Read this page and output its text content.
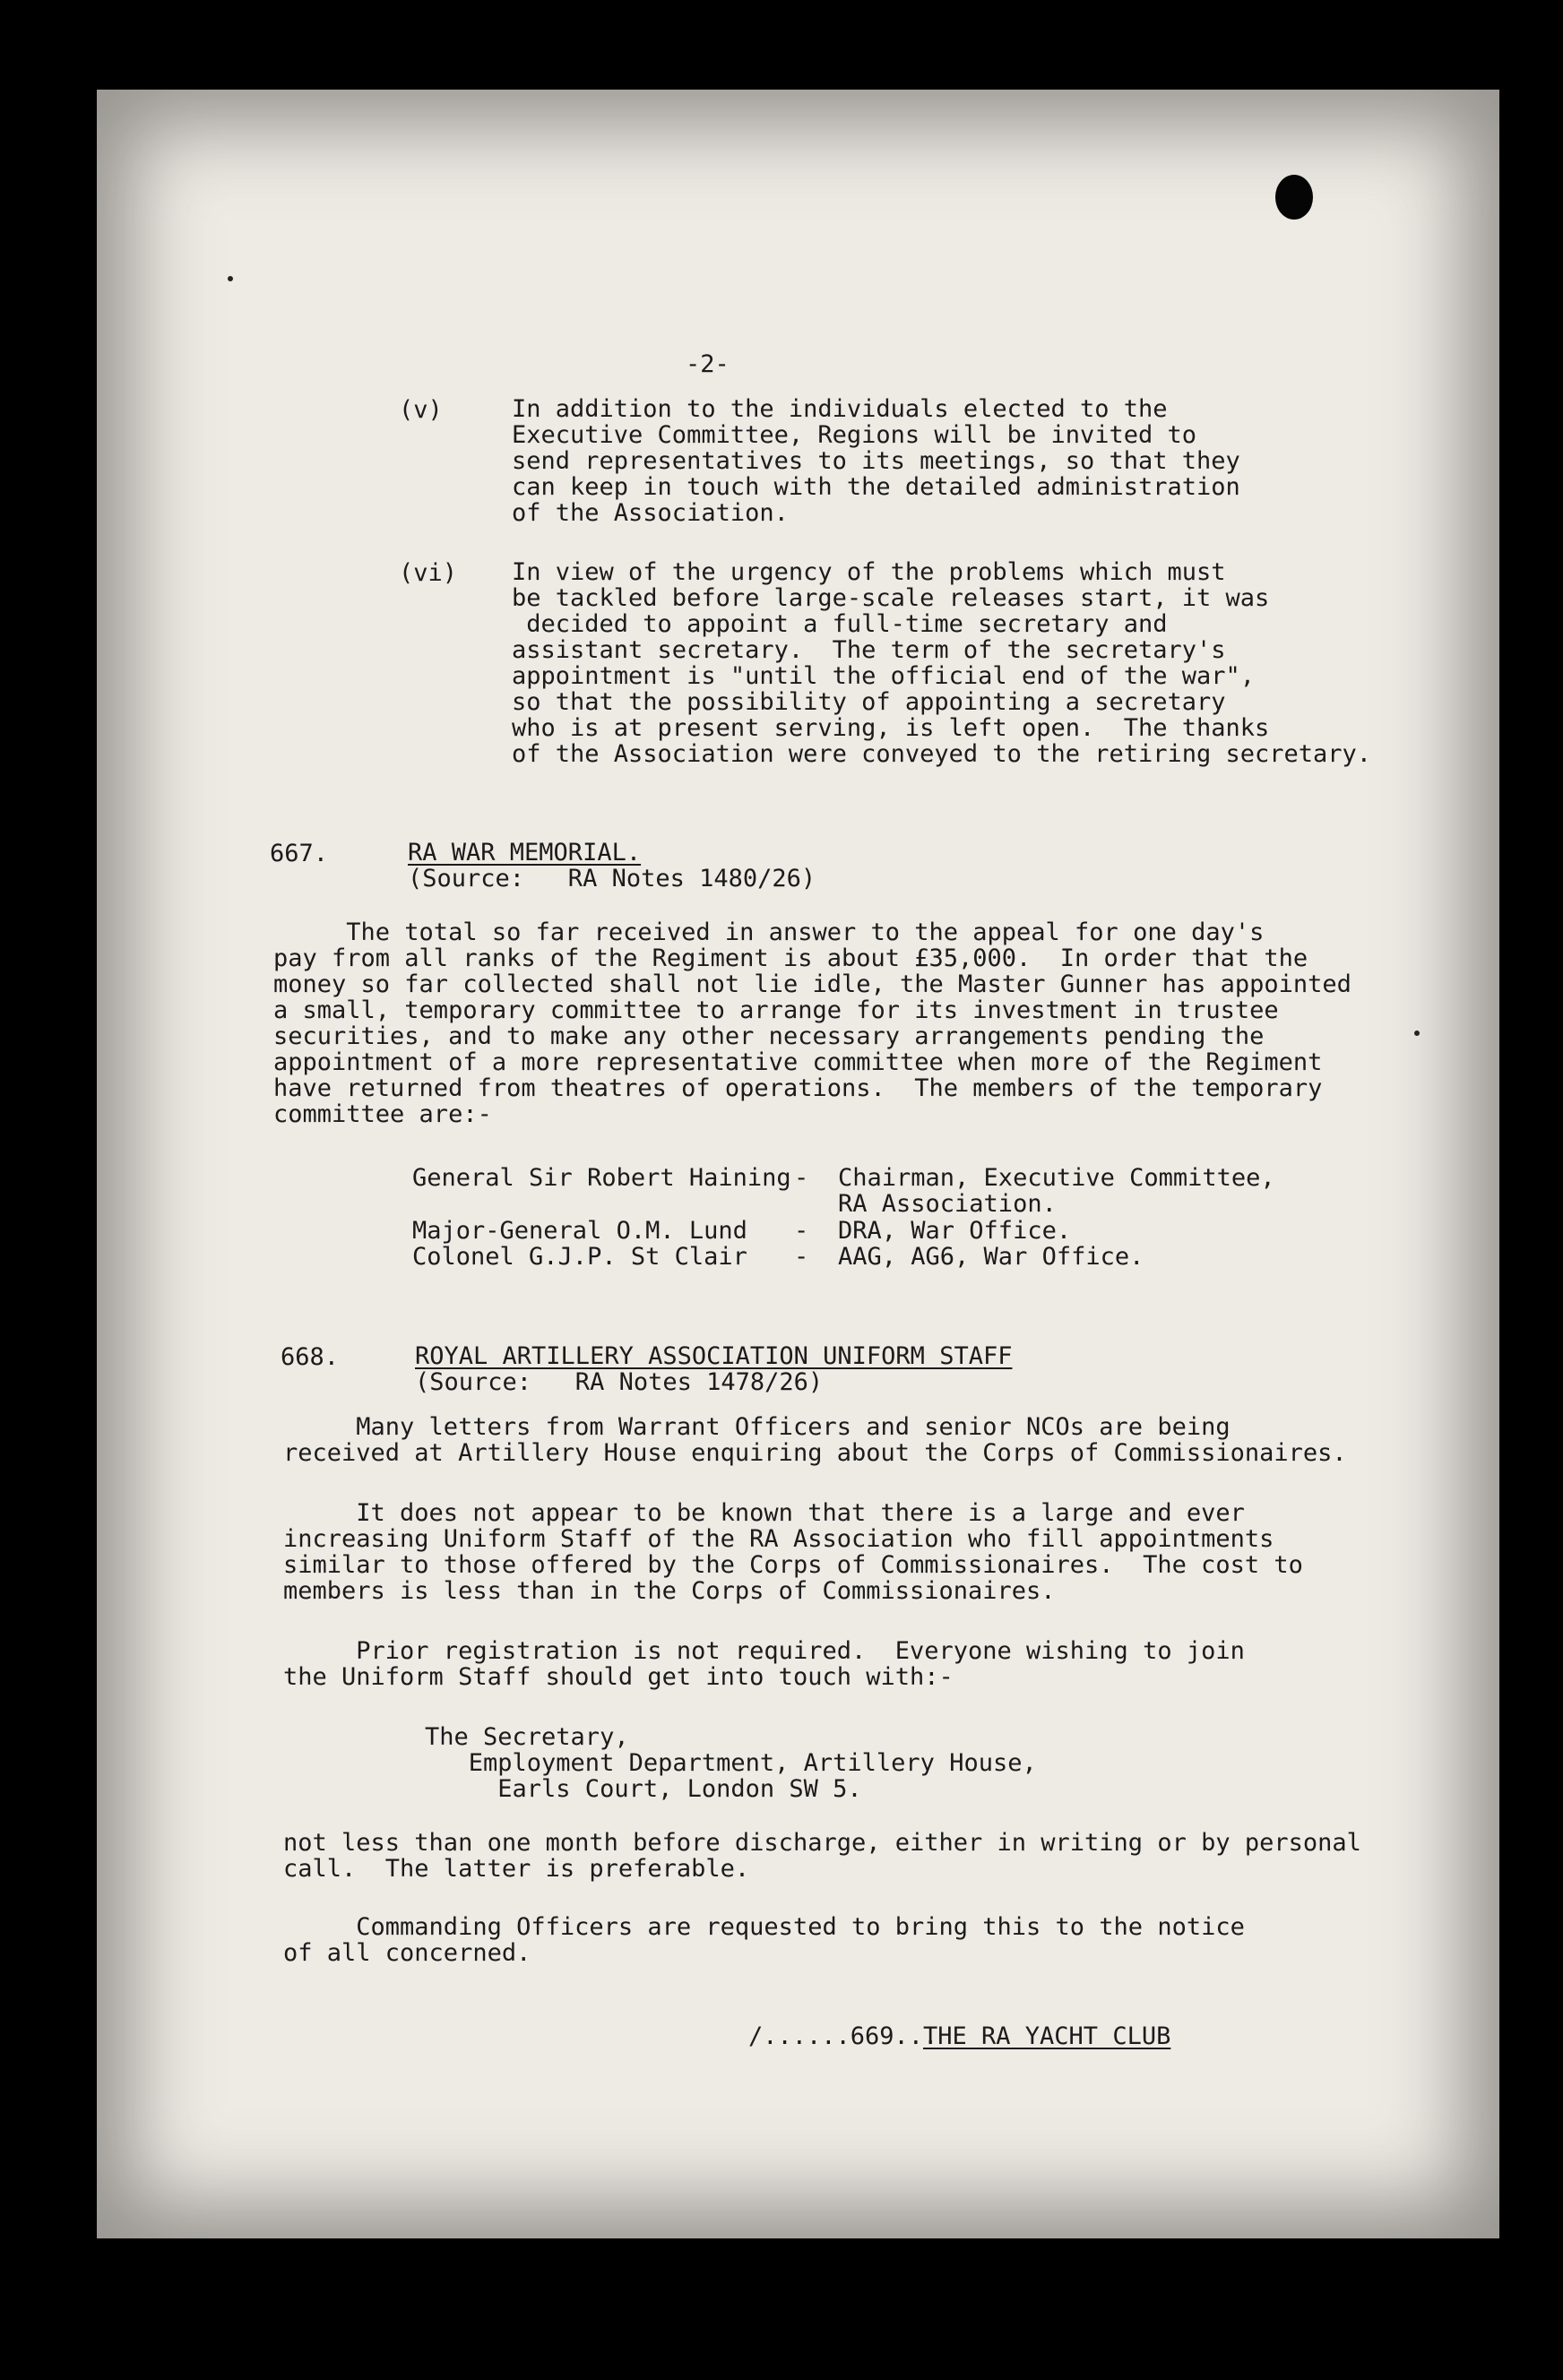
-2-
(v)	In addition to the individuals elected to the
Executive Committee, Regions will be invited to
send representatives to its meetings, so that they
can keep in touch with the detailed administration
of the Association.
(vi) In view of the urgency of the problems which must
be tackled before large-scale releases start, it was
decided to appoint a full-time secretary and
assistant secretary.  The term of the secretary's
appointment is "until the official end of the war",
so that the possibility of appointing a secretary
who is at present serving, is left open.  The thanks
of the Association were conveyed to the retiring secretary.
667.	RA WAR MEMORIAL.
(Source:   RA Notes 1480/26)
The total so far received in answer to the appeal for one day's
pay from all ranks of the Regiment is about £35,000.  In order that the
money so far collected shall not lie idle, the Master Gunner has appointed
a small, temporary committee to arrange for its investment in trustee
securities, and to make any other necessary arrangements pending the
appointment of a more representative committee when more of the Regiment
have returned from theatres of operations.  The members of the temporary
committee are:-
General Sir Robert Haining - Chairman, Executive Committee,
RA Association.
Major-General O.M. Lund - DRA, War Office.
Colonel G.J.P. St Clair - AAG, AG6, War Office.
668.	ROYAL ARTILLERY ASSOCIATION UNIFORM STAFF
(Source:   RA Notes 1478/26)
Many letters from Warrant Officers and senior NCOs are being
received at Artillery House enquiring about the Corps of Commissionaires.
It does not appear to be known that there is a large and ever
increasing Uniform Staff of the RA Association who fill appointments
similar to those offered by the Corps of Commissionaires.  The cost to
members is less than in the Corps of Commissionaires.
Prior registration is not required.  Everyone wishing to join
the Uniform Staff should get into touch with:-
The Secretary,
Employment Department, Artillery House,
Earls Court, London SW 5.
not less than one month before discharge, either in writing or by personal
call.  The latter is preferable.
Commanding Officers are requested to bring this to the notice
of all concerned.
/......669...
THE RA YACHT CLUB
